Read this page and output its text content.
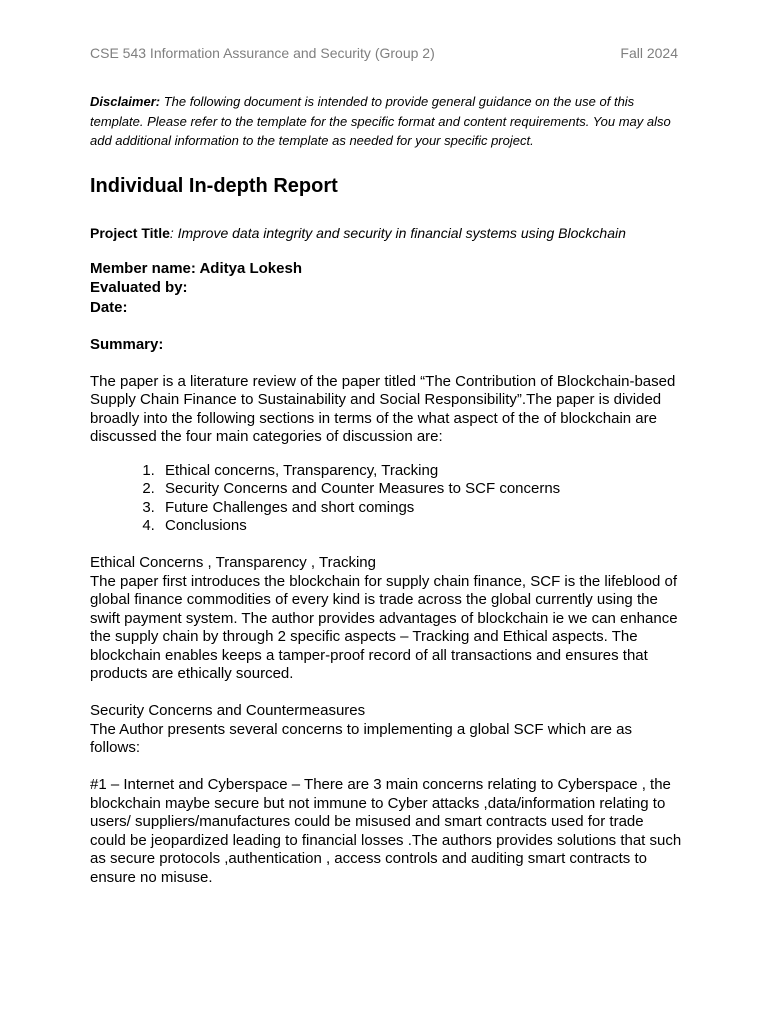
CSE 543 Information Assurance and Security (Group 2)	Fall 2024

Disclaimer: The following document is intended to provide general guidance on the use of this template. Please refer to the template for the specific format and content requirements. You may also add additional information to the template as needed for your specific project.

Individual In-depth Report

Project Title: Improve data integrity and security in financial systems using Blockchain

Member name: Aditya Lokesh
Evaluated by:
Date:
Summary:

The paper is a literature review of the paper titled “The Contribution of Blockchain-based Supply Chain Finance to Sustainability and Social Responsibility”.The paper is divided broadly into the following sections in terms of the what aspect of the of blockchain are discussed the four main categories of discussion are:

1. Ethical concerns, Transparency, Tracking
2. Security Concerns and Counter Measures to SCF concerns
3. Future Challenges and short comings
4. Conclusions

Ethical Concerns , Transparency , Tracking

The paper first introduces the blockchain for supply chain finance, SCF is the lifeblood of global finance commodities of every kind is trade across the global currently using the swift payment system. The author provides advantages of blockchain ie we can enhance the supply chain by through 2 specific aspects – Tracking and Ethical aspects. The blockchain enables keeps a tamper-proof record of all transactions and ensures that products are ethically sourced.

Security Concerns and Countermeasures

The Author presents several concerns to implementing a global SCF which are as follows:

#1 – Internet and Cyberspace – There are 3 main concerns relating to Cyberspace , the blockchain maybe secure but not immune to Cyber attacks ,data/information relating to users/ suppliers/manufactures could be misused and smart contracts used for trade could be jeopardized leading to financial losses .The authors provides solutions that such as secure protocols ,authentication , access controls and auditing smart contracts to ensure no misuse.
